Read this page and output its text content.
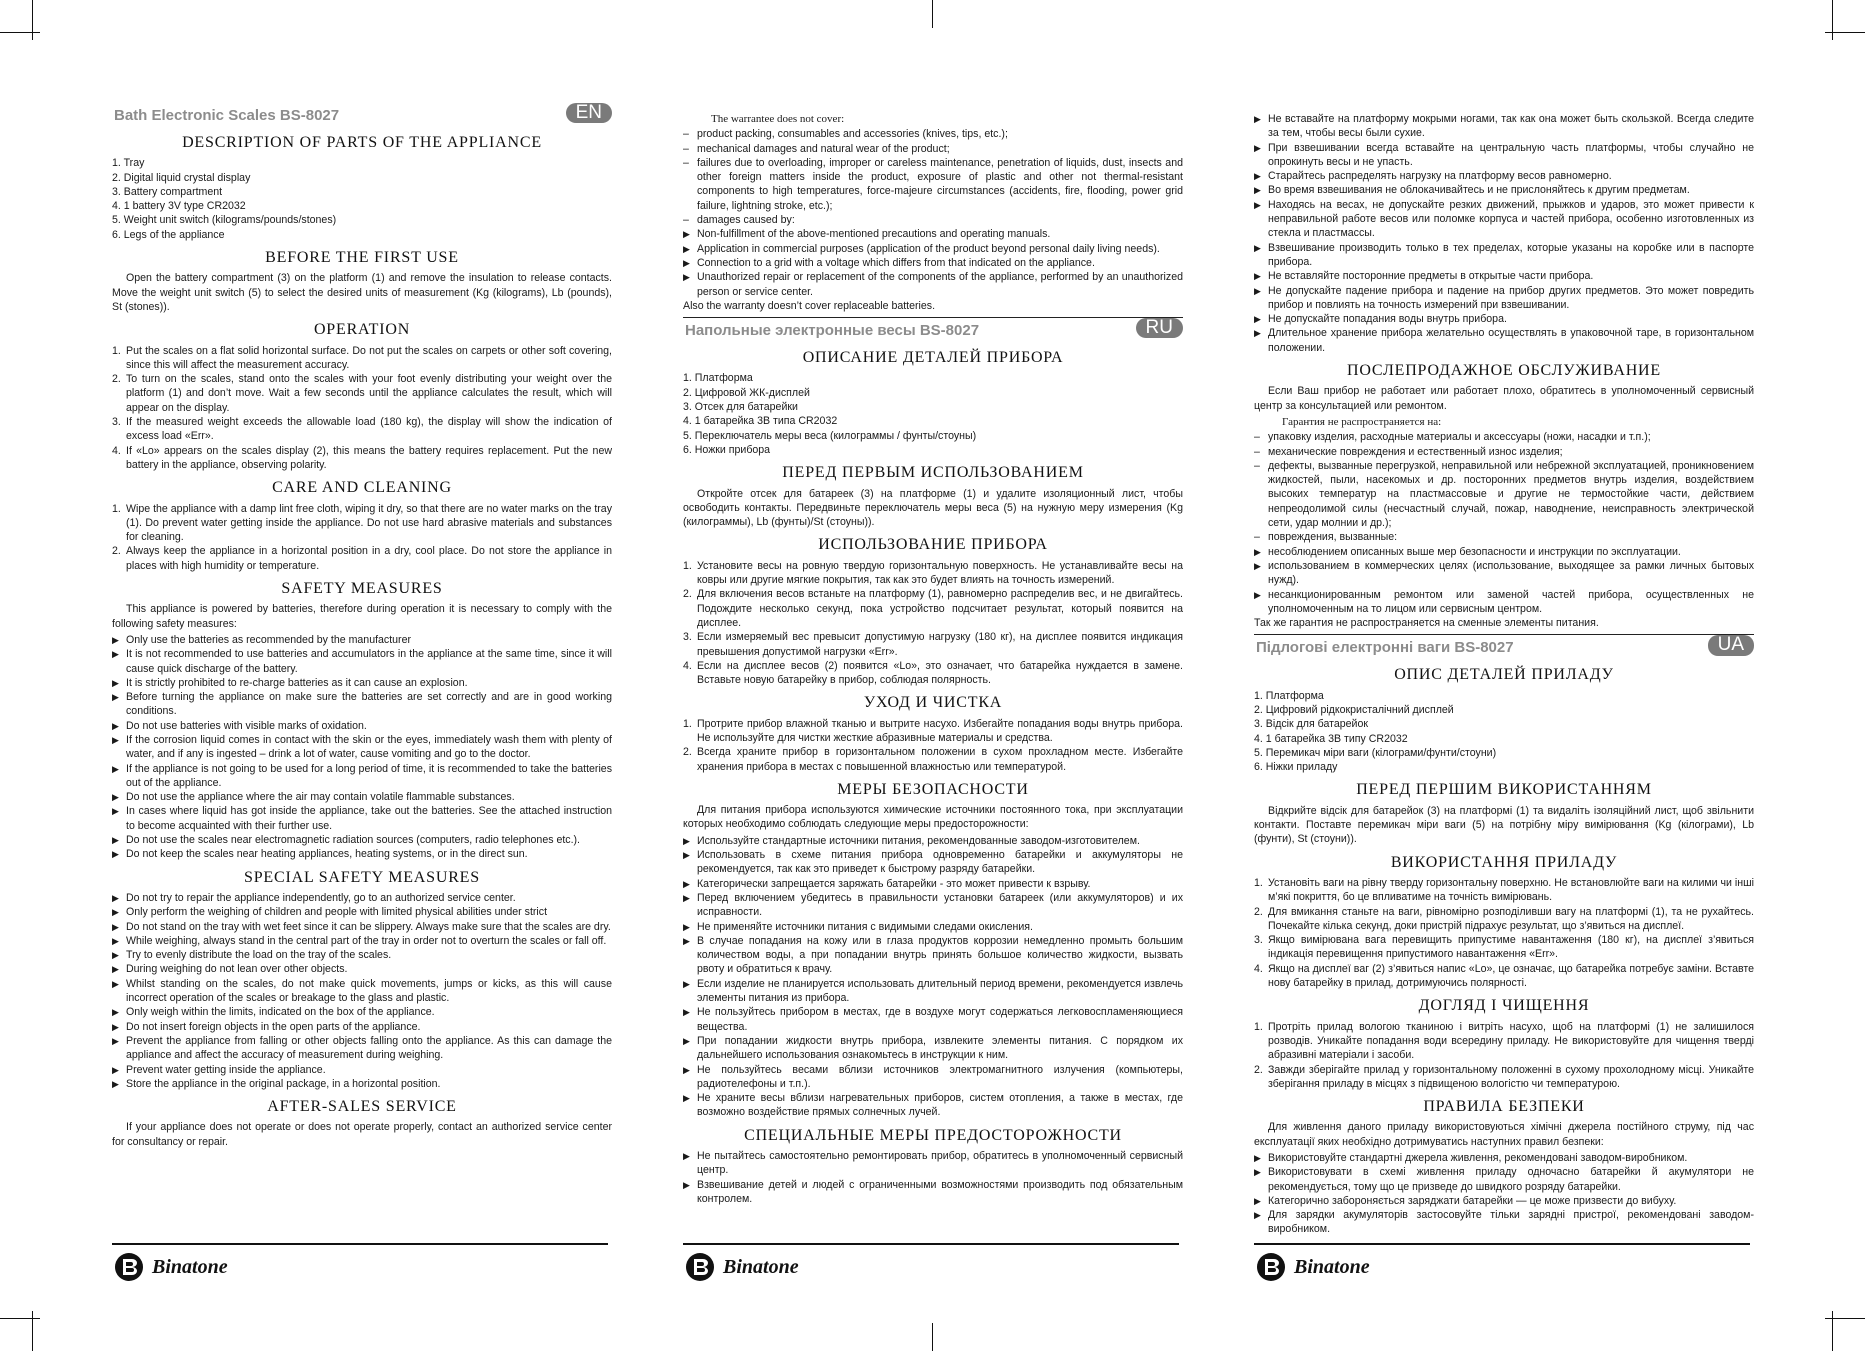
Bath Electronic Scales BS-8027	EN
DESCRIPTION OF PARTS OF THE APPLIANCE
1. Tray
2. Digital liquid crystal display
3. Battery compartment
4. 1 battery 3V type CR2032
5. Weight unit switch (kilograms/pounds/stones)
6. Legs of the appliance
BEFORE THE FIRST USE

Open the battery compartment (3) on the platform (1) and remove the insulation to release contacts. Move the weight unit switch (5) to select the desired units of measurement (Kg (kilograms), Lb (pounds), St (stones)).

OPERATION
1. Put the scales on a flat solid horizontal surface. Do not put the scales on carpets or other soft covering, since this will affect the measurement accuracy.
2. To turn on the scales, stand onto the scales with your foot evenly distributing your weight over the platform (1) and don’t move. Wait a few seconds until the appliance calculates the result, which will appear on the display.
3. If the measured weight exceeds the allowable load (180 kg), the display will show the indication of excess load «Err».
4. If «Lo» appears on the scales display (2), this means the battery requires replacement. Put the new battery in the appliance, observing polarity.
CARE AND CLEANING
1. Wipe the appliance with a damp lint free cloth, wiping it dry, so that there are no water marks on the tray (1). Do prevent water getting inside the appliance. Do not use hard abrasive materials and substances for cleaning.
2. Always keep the appliance in a horizontal position in a dry, cool place. Do not store the appliance in places with high humidity or temperature.
SAFETY MEASURES

This appliance is powered by batteries, therefore during operation it is necessary to comply with the following safety measures:

▶ Only use the batteries as recommended by the manufacturer
▶ It is not recommended to use batteries and accumulators in the appliance at the same time, since it will cause quick discharge of the battery.
▶ It is strictly prohibited to re-charge batteries as it can cause an explosion.
▶ Before turning the appliance on make sure the batteries are set correctly and are in good working conditions.
▶ Do not use batteries with visible marks of oxidation.
▶ If the corrosion liquid comes in contact with the skin or the eyes, immediately wash them with plenty of water, and if any is ingested – drink a lot of water, cause vomiting and go to the doctor.
▶ If the appliance is not going to be used for a long period of time, it is recommended to take the batteries out of the appliance.
▶ Do not use the appliance where the air may contain volatile flammable substances.
▶ In cases where liquid has got inside the appliance, take out the batteries. See the attached instruction to become acquainted with their further use.
▶ Do not use the scales near electromagnetic radiation sources (computers, radio telephones etc.).
▶ Do not keep the scales near heating appliances, heating systems, or in the direct sun.
SPECIAL SAFETY MEASURES
▶ Do not try to repair the appliance independently, go to an authorized service center.
▶ Only perform the weighing of children and people with limited physical abilities under strict
▶ Do not stand on the tray with wet feet since it can be slippery. Always make sure that the scales are dry.
▶ While weighing, always stand in the central part of the tray in order not to overturn the scales or fall off.
▶ Try to evenly distribute the load on the tray of the scales.
▶ During weighing do not lean over other objects.
▶ Whilst standing on the scales, do not make quick movements, jumps or kicks, as this will cause incorrect operation of the scales or breakage to the glass and plastic.
▶ Only weigh within the limits, indicated on the box of the appliance.
▶ Do not insert foreign objects in the open parts of the appliance.
▶ Prevent the appliance from falling or other objects falling onto the appliance. As this can damage the appliance and affect the accuracy of measurement during weighing.
▶ Prevent water getting inside the appliance.
▶ Store the appliance in the original package, in a horizontal position.
AFTER-SALES SERVICE

If your appliance does not operate or does not operate properly, contact an authorized service center for consultancy or repair.

The warrantee does not cover:
– product packing, consumables and accessories (knives, tips, etc.);
– mechanical damages and natural wear of the product;
– failures due to overloading, improper or careless maintenance, penetration of liquids, dust, insects and other foreign matters inside the product, exposure of plastic and other not thermal-resistant components to high temperatures, force-majeure circumstances (accidents, fire, flooding, power grid failure, lightning stroke, etc.);
– damages caused by:
▶ Non-fulfillment of the above-mentioned precautions and operating manuals.
▶ Application in commercial purposes (application of the product beyond personal daily living needs).
▶ Connection to a grid with a voltage which differs from that indicated on the appliance.
▶ Unauthorized repair or replacement of the components of the appliance, performed by an unauthorized person or service center.

Also the warranty doesn’t cover replaceable batteries.

Напольные электронные весы BS-8027	RU
ОПИСАНИЕ ДЕТАЛЕЙ ПРИБОРА
1. Платформа
2. Цифровой ЖК-дисплей
3. Отсек для батарейки
4. 1 батарейка 3В типа CR2032
5. Переключатель меры веса (килограммы / фунты/стоуны)
6. Ножки прибора
ПЕРЕД ПЕРВЫМ ИСПОЛЬЗОВАНИЕМ

Откройте отсек для батареек (3) на платформе (1) и удалите изоляционный лист, чтобы освободить контакты. Передвиньте переключатель меры веса (5) на нужную меру измерения (Kg (килограммы), Lb (фунты)/St (стоуны)).

ИСПОЛЬЗОВАНИЕ ПРИБОРА
1. Установите весы на ровную твердую горизонтальную поверхность. Не устанавливайте весы на ковры или другие мягкие покрытия, так как это будет влиять на точность измерений.
2. Для включения весов встаньте на платформу (1), равномерно распределив вес, и не двигайтесь. Подождите несколько секунд, пока устройство подсчитает результат, который появится на дисплее.
3. Если измеряемый вес превысит допустимую нагрузку (180 кг), на дисплее появится индикация превышения допустимой нагрузки «Err».
4. Если на дисплее весов (2) появится «Lo», это означает, что батарейка нуждается в замене. Вставьте новую батарейку в прибор, соблюдая полярность.
УХОД И ЧИСТКА
1. Протрите прибор влажной тканью и вытрите насухо. Избегайте попадания воды внутрь прибора. Не используйте для чистки жесткие абразивные материалы и средства.
2. Всегда храните прибор в горизонтальном положении в сухом прохладном месте. Избегайте хранения прибора в местах с повышенной влажностью или температурой.
МЕРЫ БЕЗОПАСНОСТИ

Для питания прибора используются химические источники постоянного тока, при эксплуатации которых необходимо соблюдать следующие меры предосторожности:

▶ Используйте стандартные источники питания, рекомендованные заводом-изготовителем.
▶ Использовать в схеме питания прибора одновременно батарейки и аккумуляторы не рекомендуется, так как это приведет к быстрому разряду батарейки.
▶ Категорически запрещается заряжать батарейки - это может привести к взрыву.
▶ Перед включением убедитесь в правильности установки батареек (или аккумуляторов) и их исправности.
▶ Не применяйте источники питания с видимыми следами окисления.
▶ В случае попадания на кожу или в глаза продуктов коррозии немедленно промыть большим количеством воды, а при попадании внутрь принять большое количество жидкости, вызвать рвоту и обратиться к врачу.
▶ Если изделие не планируется использовать длительный период времени, рекомендуется извлечь элементы питания из прибора.
▶ Не пользуйтесь прибором в местах, где в воздухе могут содержаться легковоспламеняющиеся вещества.
▶ При попадании жидкости внутрь прибора, извлеките элементы питания. С порядком их дальнейшего использования ознакомьтесь в инструкции к ним.
▶ Не пользуйтесь весами вблизи источников электромагнитного излучения (компьютеры, радиотелефоны и т.п.).
▶ Не храните весы вблизи нагревательных приборов, систем отопления, а также в местах, где возможно воздействие прямых солнечных лучей.
СПЕЦИАЛЬНЫЕ МЕРЫ ПРЕДОСТОРОЖНОСТИ
▶ Не пытайтесь самостоятельно ремонтировать прибор, обратитесь в уполномоченный сервисный центр.
▶ Взвешивание детей и людей с ограниченными возможностями производить под обязательным контролем.
▶ Не вставайте на платформу мокрыми ногами, так как она может быть скользкой. Всегда следите за тем, чтобы весы были сухие.
▶ При взвешивании всегда вставайте на центральную часть платформы, чтобы случайно не опрокинуть весы и не упасть.
▶ Старайтесь распределять нагрузку на платформу весов равномерно.
▶ Во время взвешивания не облокачивайтесь и не прислоняйтесь к другим предметам.
▶ Находясь на весах, не допускайте резких движений, прыжков и ударов, это может привести к неправильной работе весов или поломке корпуса и частей прибора, особенно изготовленных из стекла и пластмассы.
▶ Взвешивание производить только в тех пределах, которые указаны на коробке или в паспорте прибора.
▶ Не вставляйте посторонние предметы в открытые части прибора.
▶ Не допускайте падение прибора и падение на прибор других предметов. Это может повредить прибор и повлиять на точность измерений при взвешивании.
▶ Не допускайте попадания воды внутрь прибора.
▶ Длительное хранение прибора желательно осуществлять в упаковочной таре, в горизонтальном положении.
ПОСЛЕПРОДАЖНОЕ ОБСЛУЖИВАНИЕ

Если Ваш прибор не работает или работает плохо, обратитесь в уполномоченный сервисный центр за консультацией или ремонтом.

Гарантия не распространяется на:
– упаковку изделия, расходные материалы и аксессуары (ножи, насадки и т.п.);
– механические повреждения и естественный износ изделия;
– дефекты, вызванные перегрузкой, неправильной или небрежной эксплуатацией, проникновением жидкостей, пыли, насекомых и др. посторонних предметов внутрь изделия, воздействием высоких температур на пластмассовые и другие не термостойкие части, действием непреодолимой силы (несчастный случай, пожар, наводнение, неисправность электрической сети, удар молнии и др.);
– повреждения, вызванные:
▶ несоблюдением описанных выше мер безопасности и инструкции по эксплуатации.
▶ использованием в коммерческих целях (использование, выходящее за рамки личных бытовых нужд).
▶ несанкционированным ремонтом или заменой частей прибора, осуществленных не уполномоченным на то лицом или сервисным центром.

Так же гарантия не распространяется на сменные элементы питания.

Підлогові електронні ваги BS-8027	UA
ОПИС ДЕТАЛЕЙ ПРИЛАДУ
1. Платформа
2. Цифровий рідкокристалічний дисплей
3. Відсік для батарейок
4. 1 батарейка 3В типу CR2032
5. Перемикач міри ваги (кілограми/фунти/стоуни)
6. Ніжки приладу
ПЕРЕД ПЕРШИМ ВИКОРИСТАННЯМ

Відкрийте відсік для батарейок (3) на платформі (1) та видаліть ізоляційний лист, щоб звільнити контакти. Поставте перемикач міри ваги (5) на потрібну міру вимірювання (Kg (кілограми), Lb (фунти), St (стоуни)).

ВИКОРИСТАННЯ ПРИЛАДУ
1. Установіть ваги на рівну тверду горизонтальну поверхню. Не встановлюйте ваги на килими чи інші м’які покриття, бо це впливатиме на точність вимірювань.
2. Для вмикання станьте на ваги, рівномірно розподіливши вагу на платформі (1), та не рухайтесь. Почекайте кілька секунд, доки пристрій підрахує результат, що з’явиться на дисплеї.
3. Якщо вимірювана вага перевищить припустиме навантаження (180 кг), на дисплеї з’явиться індикація перевищення припустимого навантаження «Err».
4. Якщо на дисплеї ваг (2) з’явиться напис «Lo», це означає, що батарейка потребує заміни. Вставте нову батарейку в прилад, дотримуючись полярності.
ДОГЛЯД І ЧИЩЕННЯ
1. Протріть прилад вологою тканиною і витріть насухо, щоб на платформі (1) не залишилося розводів. Уникайте попадання води всередину приладу. Не використовуйте для чищення тверді абразивні матеріали і засоби.
2. Завжди зберігайте прилад у горизонтальному положенні в сухому прохолодному місці. Уникайте зберігання приладу в місцях з підвищеною вологістю чи температурою.
ПРАВИЛА БЕЗПЕКИ

Для живлення даного приладу використовуються хімічні джерела постійного струму, під час експлуатації яких необхідно дотримуватись наступних правил безпеки:

▶ Використовуйте стандартні джерела живлення, рекомендовані заводом-виробником.
▶ Використовувати в схемі живлення приладу одночасно батарейки й акумулятори не рекомендується, тому що це призведе до швидкого розряду батарейки.
▶ Категорично забороняється заряджати батарейки — це може призвести до вибуху.
▶ Для зарядки акумуляторів застосовуйте тільки зарядні пристрої, рекомендовані заводом-виробником.
Binatone	Binatone	Binatone
